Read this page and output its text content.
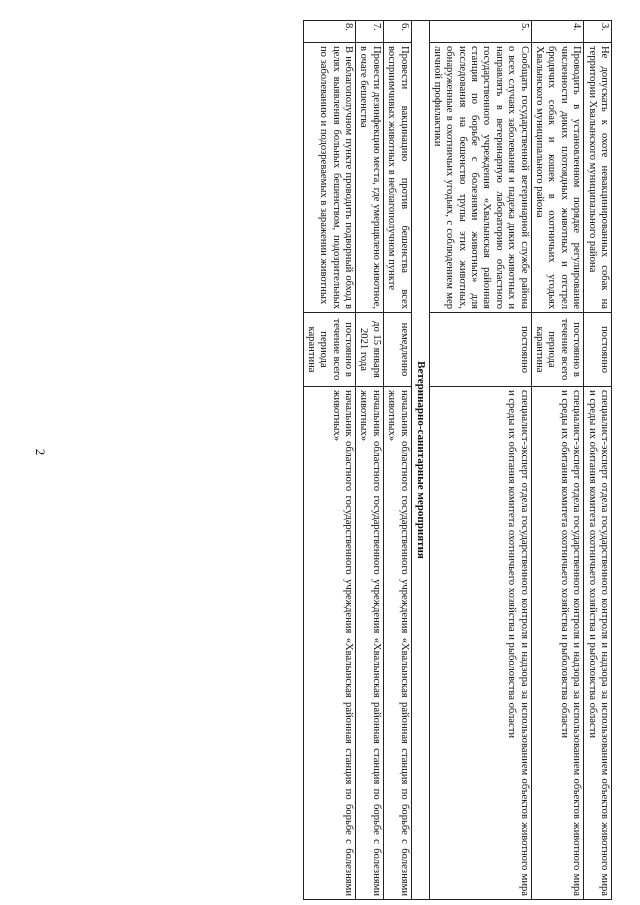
2
3.	Не допускать к охоте невакцинированных собак на территории Хвалынского муниципального района	постоянно	специалист-эксперт отдела государственного контроля и надзора за использованием объектов животного мира и среды их обитания комитета охотничьего хозяйства и рыболовства области
4.	Проводить в установленном порядке регулирование численности диких плотоядных животных и отстрел бродячих собак и кошек в охотничьих угодьях Хвалынского муниципального района	постоянно в течение всего периода карантина	специалист-эксперт отдела государственного контроля и надзора за использованием объектов животного мира и среды их обитания комитета охотничьего хозяйства и рыболовства области
5.	Сообщать государственной ветеринарной службе района о всех случаях заболевания и падежа диких животных и направлять в ветеринарную лабораторию областного государственного учреждения «Хвалынская районная станция по борьбе с болезнями животных» для исследования на бешенство трупы этих животных, обнаруженные в охотничьих угодьях, с соблюдением мер личной профилактики	постоянно	специалист-эксперт отдела государственного контроля и надзора за использованием объектов животного мира и среды их обитания комитета охотничьего хозяйства и рыболовства области
Ветеринарно-санитарные мероприятия			
6.	Провести вакцинацию против бешенства всех восприимчивых животных в неблагополучном пункте	немедленно	начальник областного государственного учреждения «Хвалынская районная станция по борьбе с болезнями животных»
7.	Провести дезинфекцию места, где умерщвлено животное, в очаге бешенства	до 15 января 2021 года	начальник областного государственного учреждения «Хвалынская районная станция по борьбе с болезнями животных»
8.	В неблагополучном пункте проводить подворный обход в целях выявления больных бешенством, подозрительных по заболеванию и подозреваемых в заражении животных	постоянно в течение всего периода карантина	начальник областного государственного учреждения «Хвалынская районная станция по борьбе с болезнями животных»
